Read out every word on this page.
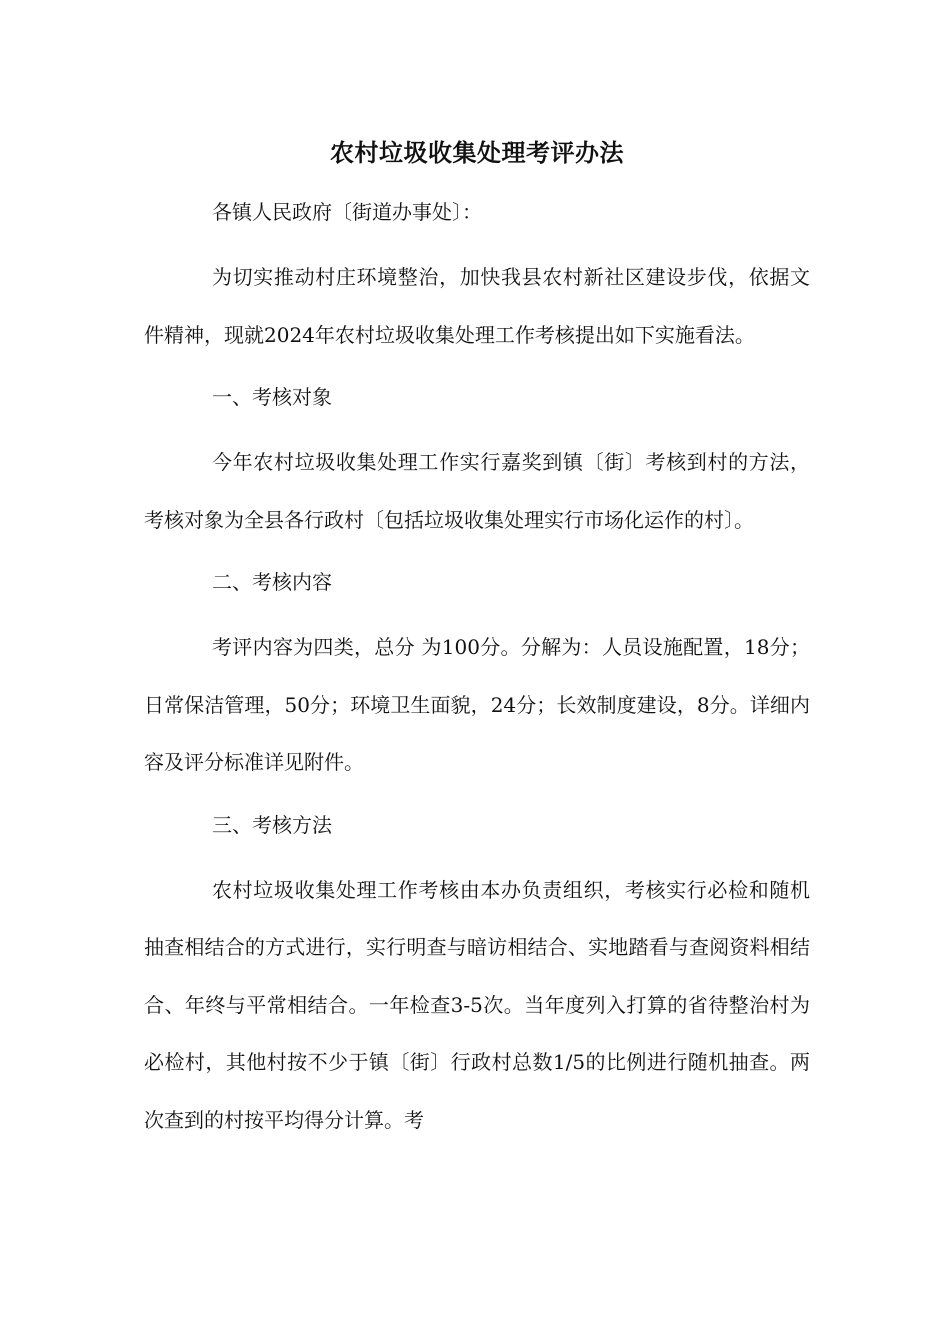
农村垃圾收集处理考评办法
各镇人民政府〔街道办事处〕：
为切实推动村庄环境整治，加快我县农村新社区建设步伐，依据文件精神，现就2024年农村垃圾收集处理工作考核提出如下实施看法。
一、考核对象
今年农村垃圾收集处理工作实行嘉奖到镇〔街〕考核到村的方法，考核对象为全县各行政村〔包括垃圾收集处理实行市场化运作的村〕。
二、考核内容
考评内容为四类，总分 为100分。分解为：人员设施配置，18分；日常保洁管理，50分；环境卫生面貌，24分；长效制度建设，8分。详细内容及评分标准详见附件。
三、考核方法
农村垃圾收集处理工作考核由本办负责组织，考核实行必检和随机抽查相结合的方式进行，实行明查与暗访相结合、实地踏看与查阅资料相结合、年终与平常相结合。一年检查3-5次。当年度列入打算的省待整治村为必检村，其他村按不少于镇〔街〕行政村总数1/5的比例进行随机抽查。两次查到的村按平均得分计算。考
